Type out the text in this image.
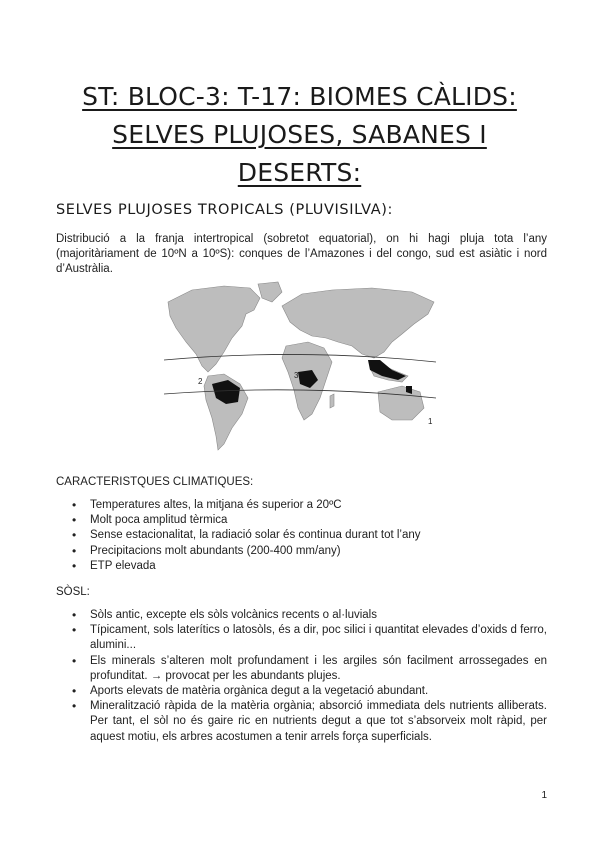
ST: BLOC-3: T-17: BIOMES CÀLIDS:
SELVES PLUJOSES, SABANES I
DESERTS:
SELVES PLUJOSES TROPICALS (PLUVISILVA):
Distribució a la franja intertropical (sobretot equatorial), on hi hagi pluja tota l’any (majoritàriament de 10ºN a 10ºS): conques de l’Amazones i del congo, sud est asiàtic i nord d’Austràlia.
2
3
1
CARACTERISTQUES CLIMATIQUES:
• Temperatures altes, la mitjana és superior a 20ºC
• Molt poca amplitud tèrmica
• Sense estacionalitat, la radiació solar és continua durant tot l’any
• Precipitacions molt abundants (200-400 mm/any)
• ETP elevada
SÒSL:
• Sòls antic, excepte els sòls volcànics recents o al·luvials
• Típicament, sols laterítics o latosòls, és a dir, poc silici i quantitat elevades d’oxids d ferro, alumini...
• Els minerals s’alteren molt profundament i les argiles són facilment arrossegades en profunditat. → provocat per les abundants plujes.
• Aports elevats de matèria orgànica degut a la vegetació abundant.
• Mineralització ràpida de la matèria orgània; absorció immediata dels nutrients alliberats. Per tant, el sòl no és gaire ric en nutrients degut a que tot s’absorveix molt ràpid, per aquest motiu, els arbres acostumen a tenir arrels força superficials.
1
